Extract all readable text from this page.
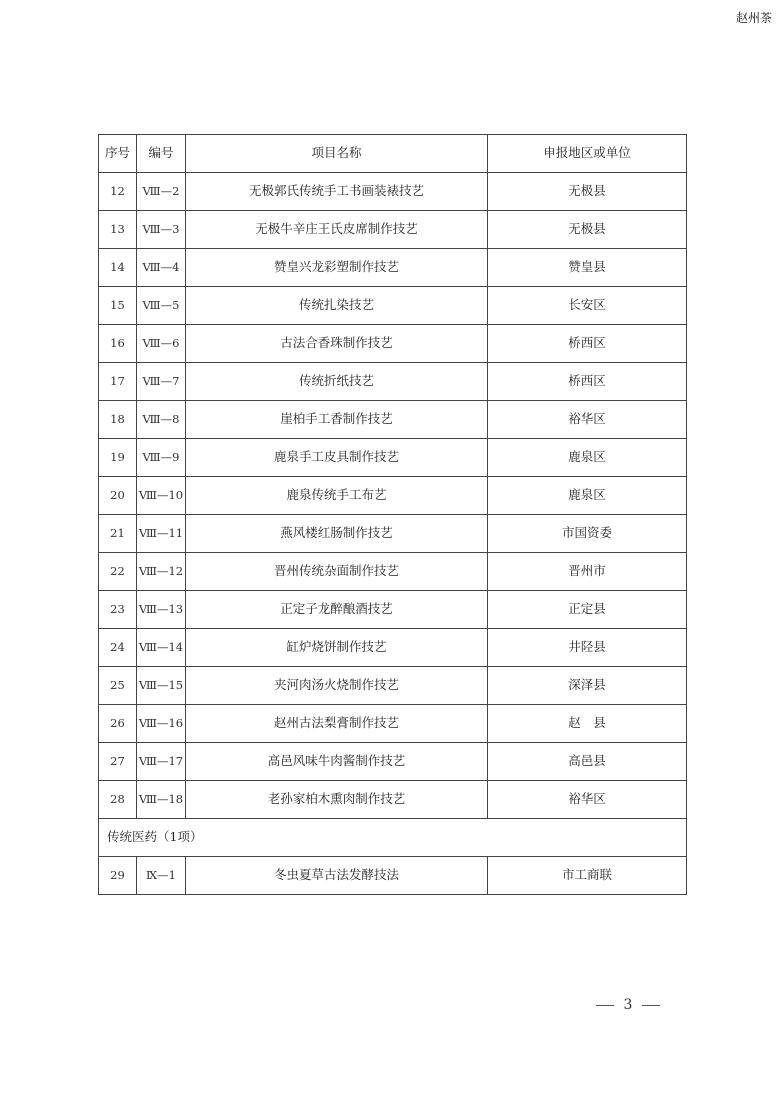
赵州茶
序号	编号	项目名称	申报地区或单位
12	Ⅷ—2	无极郭氏传统手工书画装裱技艺	无极县
13	Ⅷ—3	无极牛辛庄王氏皮席制作技艺	无极县
14	Ⅷ—4	赞皇兴龙彩塑制作技艺	赞皇县
15	Ⅷ—5	传统扎染技艺	长安区
16	Ⅷ—6	古法合香珠制作技艺	桥西区
17	Ⅷ—7	传统折纸技艺	桥西区
18	Ⅷ—8	崖柏手工香制作技艺	裕华区
19	Ⅷ—9	鹿泉手工皮具制作技艺	鹿泉区
20	Ⅷ—10	鹿泉传统手工布艺	鹿泉区
21	Ⅷ—11	燕风楼红肠制作技艺	市国资委
22	Ⅷ—12	晋州传统杂面制作技艺	晋州市
23	Ⅷ—13	正定子龙醉酿酒技艺	正定县
24	Ⅷ—14	缸炉烧饼制作技艺	井陉县
25	Ⅷ—15	夹河肉汤火烧制作技艺	深泽县
26	Ⅷ—16	赵州古法梨膏制作技艺	赵　县
27	Ⅷ—17	高邑风味牛肉酱制作技艺	高邑县
28	Ⅷ—18	老孙家柏木熏肉制作技艺	裕华区
传统医药（1项）			
29	Ⅸ—1	冬虫夏草古法发酵技法	市工商联
3
